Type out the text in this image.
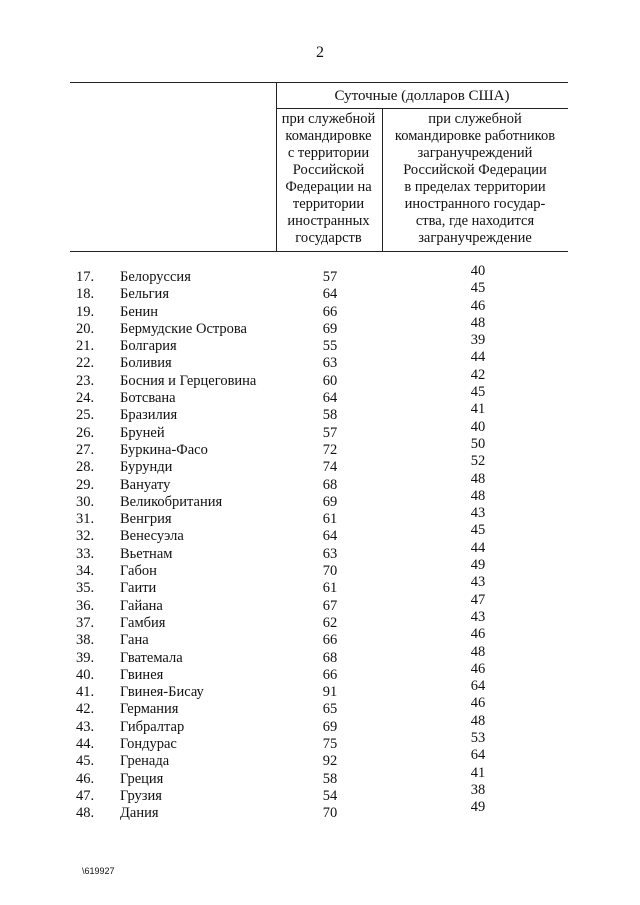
2
Суточные (долларов США)
при служебной
командировке
с территории
Российской
Федерации на
территории
иностранных
государств
при служебной
командировке работников
загранучреждений
Российской Федерации
в пределах территории
иностранного государ-
ства, где находится
загранучреждение
17. Белоруссия	57	40
18. Бельгия	64	45
19. Бенин	66	46
20. Бермудские Острова	69	48
21. Болгария	55	39
22. Боливия	63	44
23. Босния и Герцеговина	60	42
24. Ботсвана	64	45
25. Бразилия	58	41
26. Бруней	57	40
27. Буркина-Фасо	72	50
28. Бурунди	74	52
29. Вануату	68	48
30. Великобритания	69	48
31. Венгрия	61	43
32. Венесуэла	64	45
33. Вьетнам	63	44
34. Габон	70	49
35. Гаити	61	43
36. Гайана	67	47
37. Гамбия	62	43
38. Гана	66	46
39. Гватемала	68	48
40. Гвинея	66	46
41. Гвинея-Бисау	91	64
42. Германия	65	46
43. Гибралтар	69	48
44. Гондурас	75	53
45. Гренада	92	64
46. Греция	58	41
47. Грузия	54	38
48. Дания	70	49
\619927
